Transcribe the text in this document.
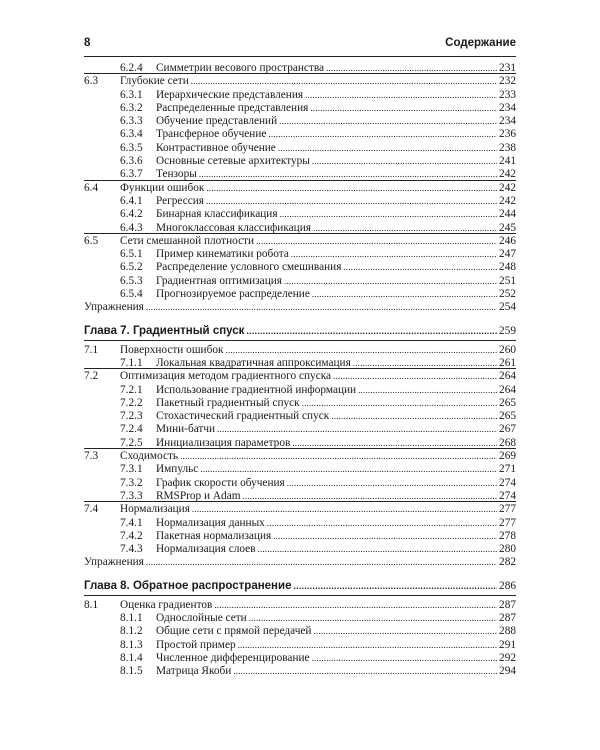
8	Содержание
6.2.4	Симметрии весового пространства .....	231
6.3	Глубокие сети .....	232
6.3.1	Иерархические представления .....	233
6.3.2	Распределенные представления .....	234
6.3.3	Обучение представлений .....	234
6.3.4	Трансферное обучение .....	236
6.3.5	Контрастивное обучение .....	238
6.3.6	Основные сетевые архитектуры .....	241
6.3.7	Тензоры .....	242
6.4	Функции ошибок .....	242
6.4.1	Регрессия .....	242
6.4.2	Бинарная классификация .....	244
6.4.3	Многоклассовая классификация .....	245
6.5	Сети смешанной плотности .....	246
6.5.1	Пример кинематики робота .....	247
6.5.2	Распределение условного смешивания .....	248
6.5.3	Градиентная оптимизация .....	251
6.5.4	Прогнозируемое распределение .....	252
Упражнения .....	254
Глава 7. Градиентный спуск .....	259
7.1	Поверхности ошибок .....	260
7.1.1	Локальная квадратичная аппроксимация .....	261
7.2	Оптимизация методом градиентного спуска .....	264
7.2.1	Использование градиентной информации .....	264
7.2.2	Пакетный градиентный спуск .....	265
7.2.3	Стохастический градиентный спуск .....	265
7.2.4	Мини-батчи .....	267
7.2.5	Инициализация параметров .....	268
7.3	Сходимость .....	269
7.3.1	Импульс .....	271
7.3.2	График скорости обучения .....	274
7.3.3	RMSProp и Adam .....	274
7.4	Нормализация .....	277
7.4.1	Нормализация данных .....	277
7.4.2	Пакетная нормализация .....	278
7.4.3	Нормализация слоев .....	280
Упражнения .....	282
Глава 8. Обратное распространение .....	286
8.1	Оценка градиентов .....	287
8.1.1	Однослойные сети .....	287
8.1.2	Общие сети с прямой передачей .....	288
8.1.3	Простой пример .....	291
8.1.4	Численное дифференцирование .....	292
8.1.5	Матрица Якоби .....	294
